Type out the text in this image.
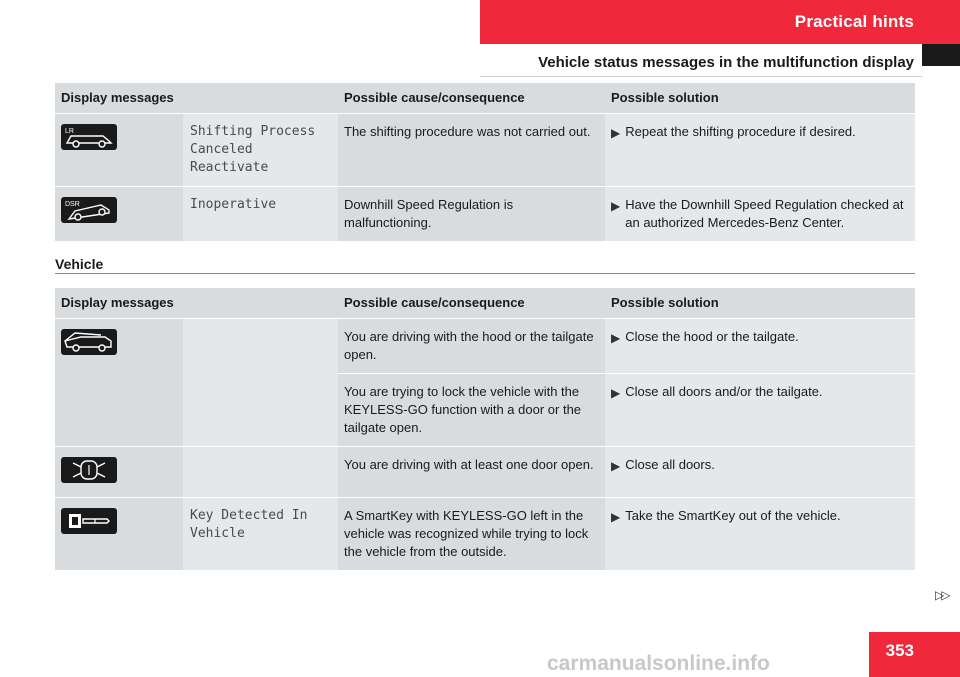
Practical hints
Vehicle status messages in the multifunction display
Display messages		Possible cause/consequence	Possible solution

LR	Shifting Process
Canceled
Reactivate	The shifting procedure was not carried out.	▶ Repeat the shifting procedure if desired.

DSR	Inoperative	Downhill Speed Regulation is malfunctioning.	▶ Have the Downhill Speed Regulation checked at an authorized Mercedes-Benz Center.
Vehicle
Display messages		Possible cause/consequence	Possible solution

		You are driving with the hood or the tailgate open.	▶ Close the hood or the tailgate.

		You are trying to lock the vehicle with the KEYLESS-GO function with a door or the tailgate open.	▶ Close all doors and/or the tailgate.

		You are driving with at least one door open.	▶ Close all doors.

	Key Detected In
Vehicle	A SmartKey with KEYLESS-GO left in the vehicle was recognized while trying to lock the vehicle from the outside.	▶ Take the SmartKey out of the vehicle.
▷▷
353
carmanualsonline.info
